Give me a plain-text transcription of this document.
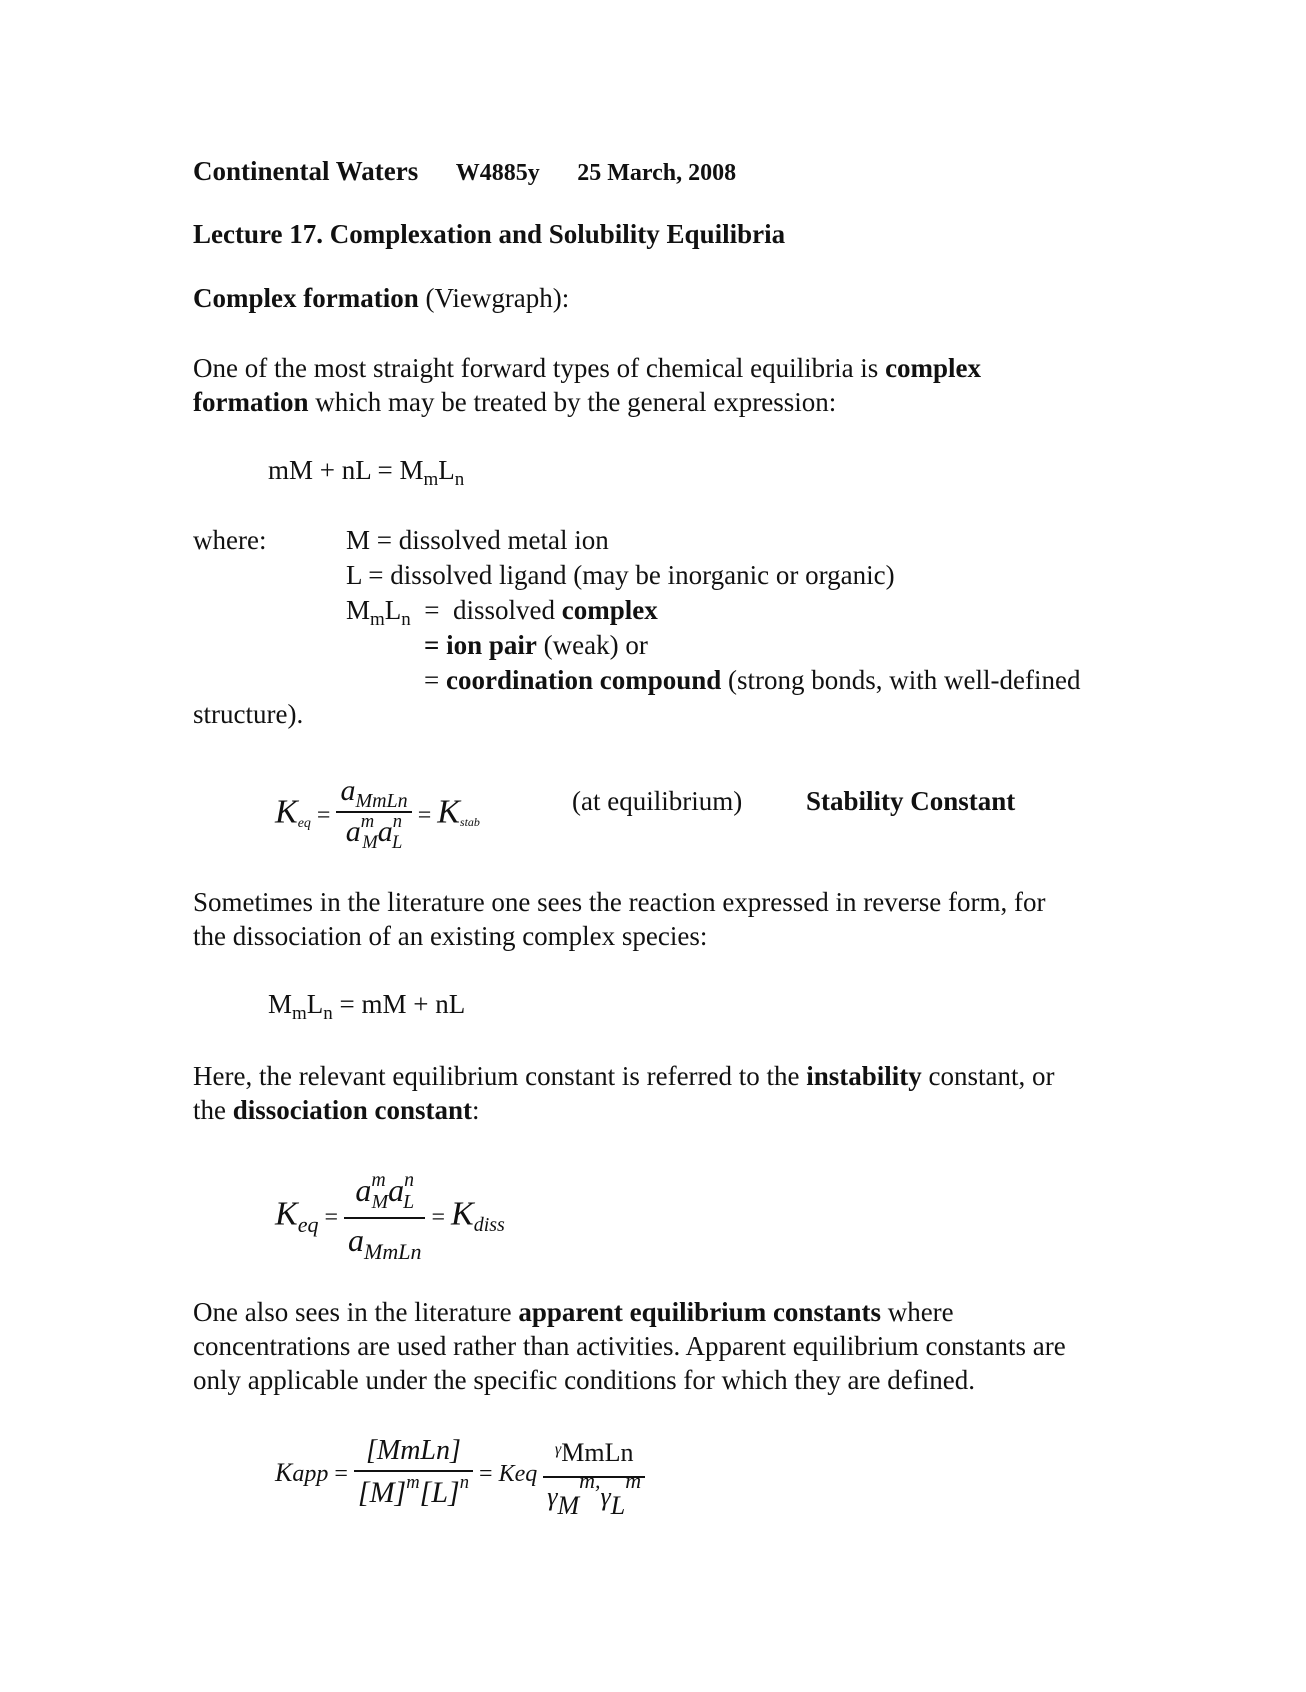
Continental Waters W4885y 25 March, 2008
Lecture 17. Complexation and Solubility Equilibria
Complex formation (Viewgraph):
One of the most straight forward types of chemical equilibria is complex
formation which may be treated by the general expression:
mM + nL = $M_mL_n$
where:	M = dissolved metal ion
L = dissolved ligand (may be inorganic or organic)
$M_mL_n$  =  dissolved complex
= ion pair (weak) or
= coordination compound (strong bonds, with well-defined
structure).
Keq = $\frac{a_{MmLn}}{a^m_Ma^n_L}$ = Kstab
(at equilibrium) Stability Constant
Sometimes in the literature one sees the reaction expressed in reverse form, for
the dissociation of an existing complex species:
$M_mL_n$ = mM + nL
Here, the relevant equilibrium constant is referred to the instability constant, or
the dissociation constant:
$K_{eq} = \frac{a^m_Ma^n_L}{a_{MmLn}} = K_{diss}$
One also sees in the literature apparent equilibrium constants where
concentrations are used rather than activities. Apparent equilibrium constants are
only applicable under the specific conditions for which they are defined.
Kapp = $\frac{\text{[MmLn]}}{[M]^m[L]^n}$ = Keq $\frac{^\gamma MmLn}{\gamma M^{m,}\gamma L^m}$
